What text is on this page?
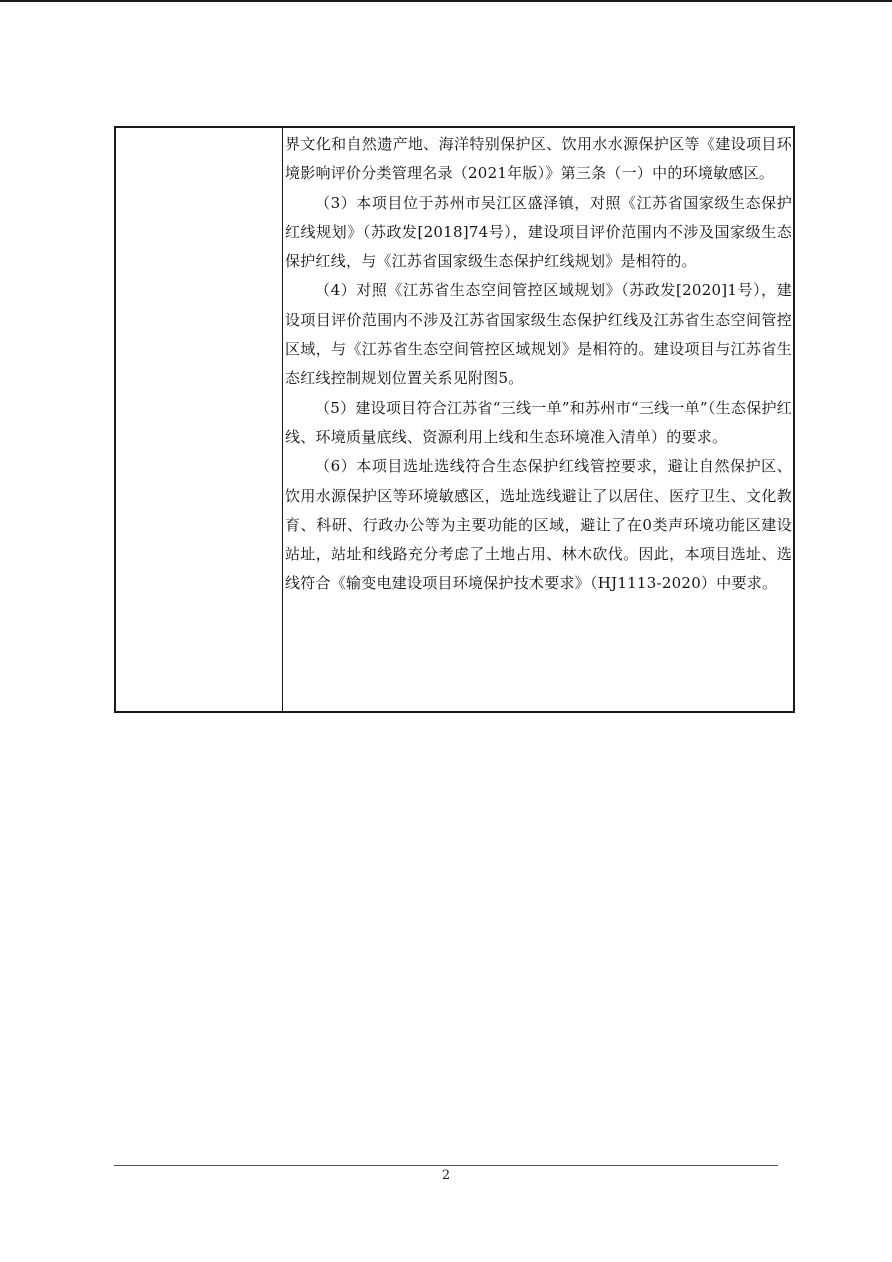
界文化和自然遗产地、海洋特别保护区、饮用水水源保护区等《建设项目环境影响评价分类管理名录（2021年版）》第三条（一）中的环境敏感区。

（3）本项目位于苏州市吴江区盛泽镇，对照《江苏省国家级生态保护红线规划》（苏政发[2018]74号），建设项目评价范围内不涉及国家级生态保护红线，与《江苏省国家级生态保护红线规划》是相符的。

（4）对照《江苏省生态空间管控区域规划》（苏政发[2020]1号），建设项目评价范围内不涉及江苏省国家级生态保护红线及江苏省生态空间管控区域，与《江苏省生态空间管控区域规划》是相符的。建设项目与江苏省生态红线控制规划位置关系见附图5。

（5）建设项目符合江苏省“三线一单”和苏州市“三线一单”（生态保护红线、环境质量底线、资源利用上线和生态环境准入清单）的要求。

（6）本项目选址选线符合生态保护红线管控要求，避让自然保护区、饮用水源保护区等环境敏感区，选址选线避让了以居住、医疗卫生、文化教育、科研、行政办公等为主要功能的区域，避让了在0类声环境功能区建设站址，站址和线路充分考虑了土地占用、林木砍伐。因此，本项目选址、选线符合《输变电建设项目环境保护技术要求》（HJ1113-2020）中要求。

2
